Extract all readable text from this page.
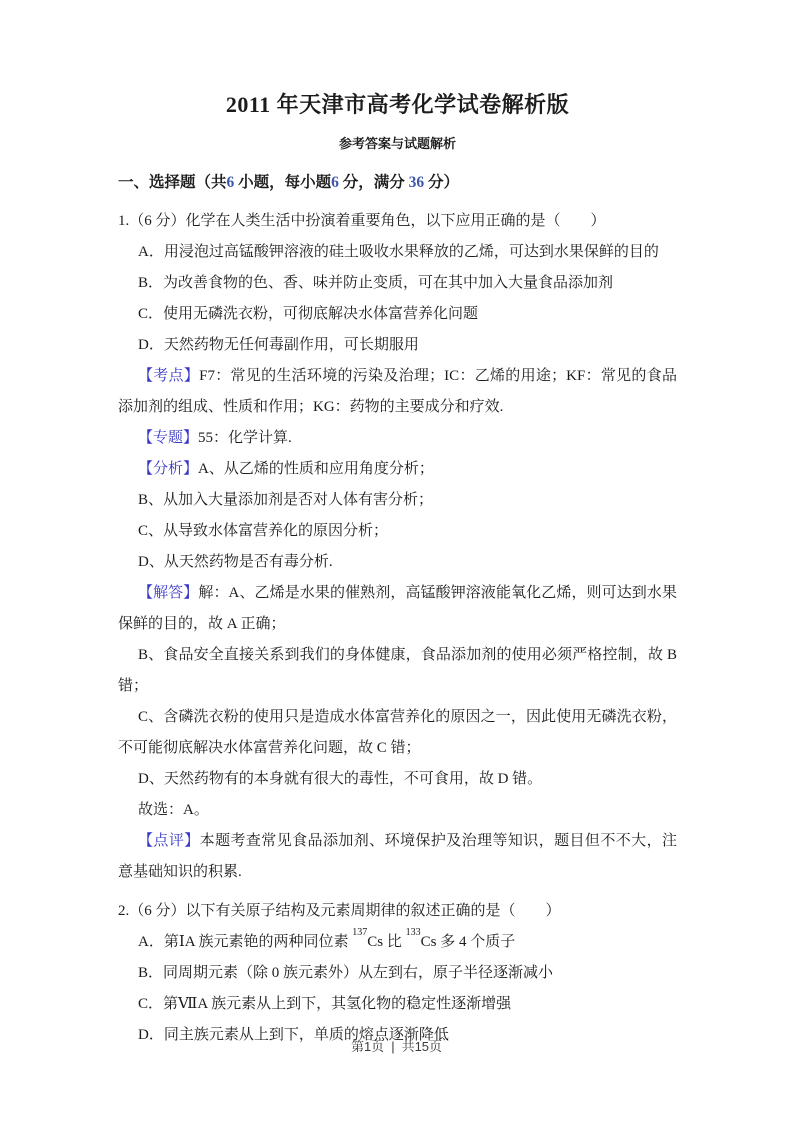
2011 年天津市高考化学试卷解析版
参考答案与试题解析

一、选择题（共6 小题，每小题6 分，满分 36 分）

1.（6 分）化学在人类生活中扮演着重要角色，以下应用正确的是（　　）

A．用浸泡过高锰酸钾溶液的硅土吸收水果释放的乙烯，可达到水果保鲜的目的

B．为改善食物的色、香、味并防止变质，可在其中加入大量食品添加剂

C．使用无磷洗衣粉，可彻底解决水体富营养化问题

D．天然药物无任何毒副作用，可长期服用

【考点】F7：常见的生活环境的污染及治理；IC：乙烯的用途；KF：常见的食品添加剂的组成、性质和作用；KG：药物的主要成分和疗效.

【专题】55：化学计算.

【分析】A、从乙烯的性质和应用角度分析；

B、从加入大量添加剂是否对人体有害分析；

C、从导致水体富营养化的原因分析；

D、从天然药物是否有毒分析.

【解答】解：A、乙烯是水果的催熟剂，高锰酸钾溶液能氧化乙烯，则可达到水果保鲜的目的，故 A 正确；

B、食品安全直接关系到我们的身体健康，食品添加剂的使用必须严格控制，故 B 错；

C、含磷洗衣粉的使用只是造成水体富营养化的原因之一，因此使用无磷洗衣粉，不可能彻底解决水体富营养化问题，故 C 错；

D、天然药物有的本身就有很大的毒性，不可食用，故 D 错。

故选：A。

【点评】本题考查常见食品添加剂、环境保护及治理等知识，题目但不不大，注意基础知识的积累.

2.（6 分）以下有关原子结构及元素周期律的叙述正确的是（　　）

A．第ⅠA 族元素铯的两种同位素 $^{137}$Cs 比 $^{133}$Cs 多 4 个质子

B．同周期元素（除 0 族元素外）从左到右，原子半径逐渐减小

C．第ⅦA 族元素从上到下，其氢化物的稳定性逐渐增强

D．同主族元素从上到下，单质的熔点逐渐降低

第1页 | 共15页
